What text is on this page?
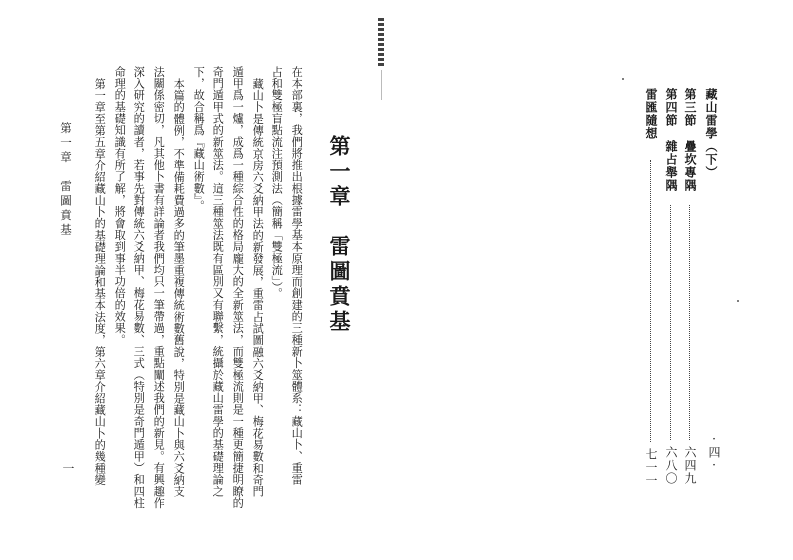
第一章　雷圖賁基
在本部裏，我們將推出根據雷學基本原理而創建的三種新卜筮體系：藏山卜、重雷
占和雙極盲點流注預測法（簡稱「雙極流」）。
藏山卜是傳統京房六爻納甲法的新發展，重雷占試圖融六爻納甲、梅花易數和奇門
遁甲爲一爐，成爲一種綜合性的格局龐大的全新筮法，而雙極流則是一種更簡捷明瞭的
奇門遁甲式的新筮法。這三種筮法既有區別又有聯繫，統攝於藏山雷學的基礎理論之
下，故合稱爲『藏山術數』。
本篇的體例，不準備耗費過多的筆墨重複傳統術數舊說，特別是藏山卜與六爻納支
法關係密切，凡其他卜書有詳論者我們均只一筆帶過，重點闡述我們的新見。有興趣作
深入研究的讀者，若事先對傳統六爻納甲、梅花易數、三式（特別是奇門遁甲）和四柱
命理的基礎知識有所了解，將會取到事半功倍的效果。
第一章至第五章介紹藏山卜的基礎理論和基本法度，第六章介紹藏山卜的幾種變
第一章　雷圖賁基
一
藏山雷學（下）
第三節　疊坎專隅
六四九
第四節　雜占舉隅
六八〇
雷匯隨想
七一一	·四·
